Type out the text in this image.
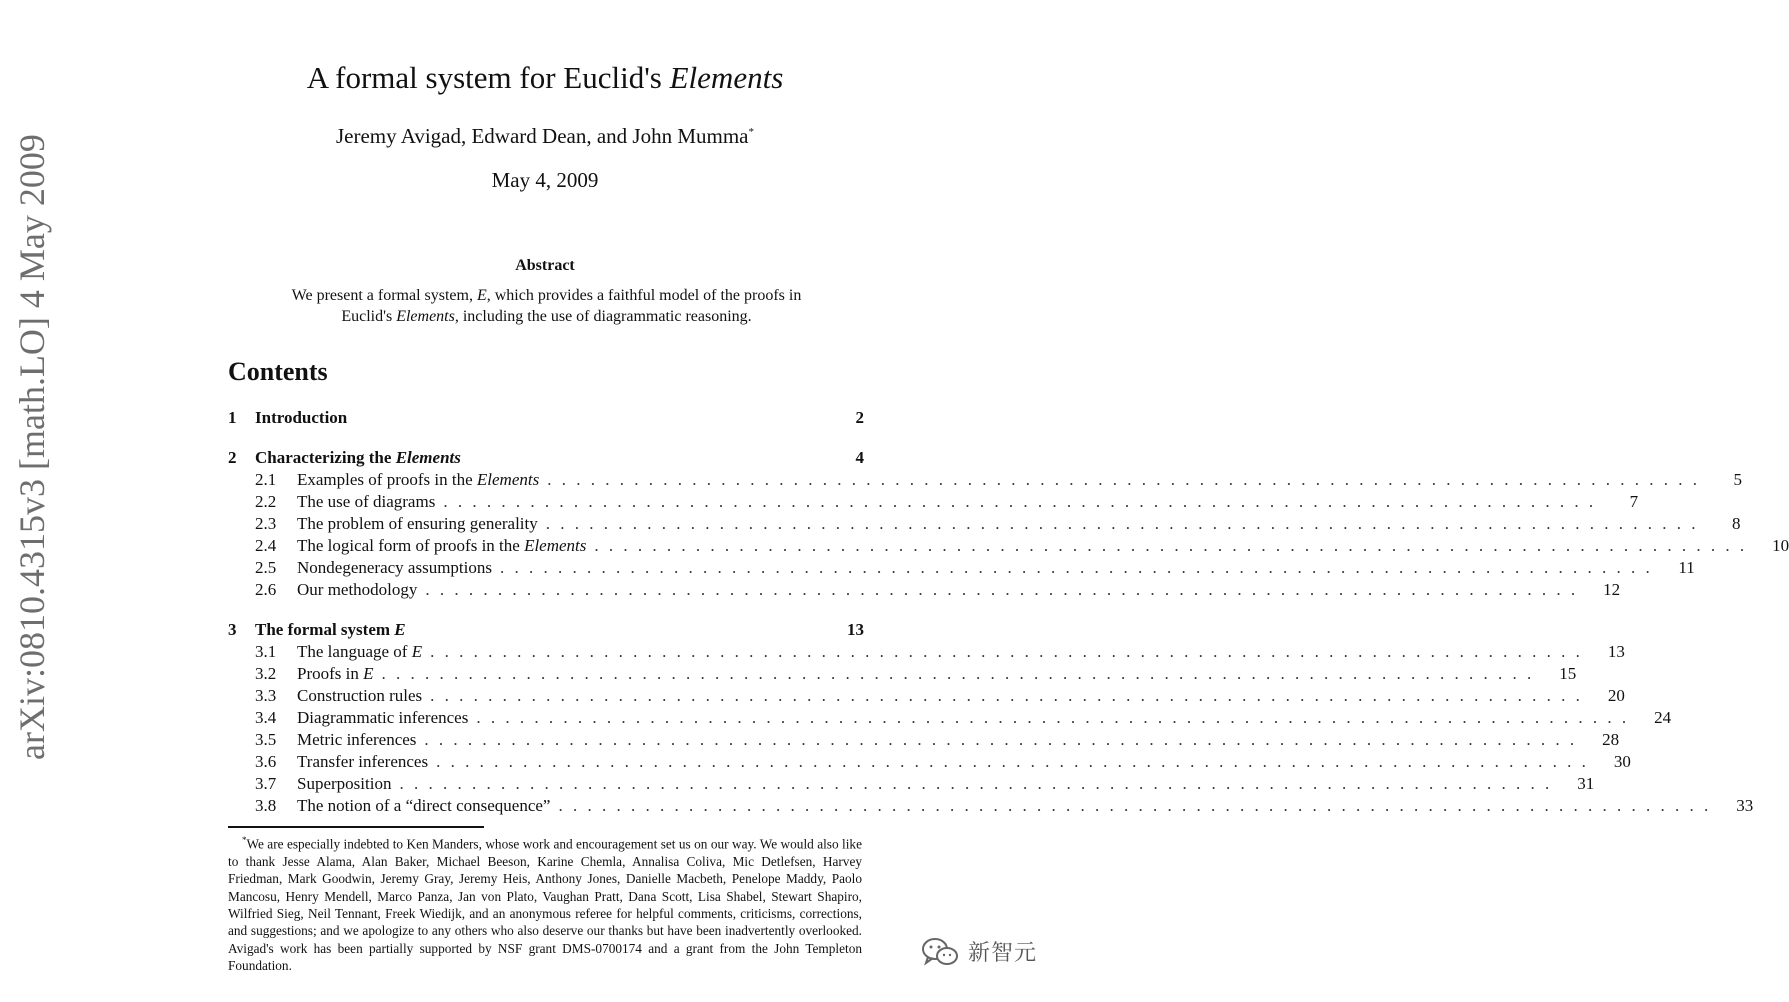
arXiv:0810.4315v3 [math.LO] 4 May 2009
A formal system for Euclid's Elements
Jeremy Avigad, Edward Dean, and John Mumma*
May 4, 2009
Abstract
We present a formal system, E, which provides a faithful model of the proofs in Euclid's Elements, including the use of diagrammatic reasoning.
Contents
1	Introduction	2
2	Characterizing the Elements	4
2.1	Examples of proofs in the Elements . . . . . . . . . . . . . . . . . . . . . . . . . . . . . . . . . . . . . . . . . . . . . . . . . . . . . . . . . . . . . . . . . . . . . . . . . . . . . . . .	5
2.2	The use of diagrams . . . . . . . . . . . . . . . . . . . . . . . . . . . . . . . . . . . . . . . . . . . . . . . . . . . . . . . . . . . . . . . . . . . . . . . . . . . . . . . .	7
2.3	The problem of ensuring generality . . . . . . . . . . . . . . . . . . . . . . . . . . . . . . . . . . . . . . . . . . . . . . . . . . . . . . . . . . . . . . . . . . . . . . . . . . . . . . . .	8
2.4	The logical form of proofs in the Elements . . . . . . . . . . . . . . . . . . . . . . . . . . . . . . . . . . . . . . . . . . . . . . . . . . . . . . . . . . . . . . . . . . . . . . . . . . . . . . . .	10
2.5	Nondegeneracy assumptions . . . . . . . . . . . . . . . . . . . . . . . . . . . . . . . . . . . . . . . . . . . . . . . . . . . . . . . . . . . . . . . . . . . . . . . . . . . . . . . .	11
2.6	Our methodology . . . . . . . . . . . . . . . . . . . . . . . . . . . . . . . . . . . . . . . . . . . . . . . . . . . . . . . . . . . . . . . . . . . . . . . . . . . . . . . .	12
3	The formal system E	13
3.1	The language of E . . . . . . . . . . . . . . . . . . . . . . . . . . . . . . . . . . . . . . . . . . . . . . . . . . . . . . . . . . . . . . . . . . . . . . . . . . . . . . . .	13
3.2	Proofs in E . . . . . . . . . . . . . . . . . . . . . . . . . . . . . . . . . . . . . . . . . . . . . . . . . . . . . . . . . . . . . . . . . . . . . . . . . . . . . . . .	15
3.3	Construction rules . . . . . . . . . . . . . . . . . . . . . . . . . . . . . . . . . . . . . . . . . . . . . . . . . . . . . . . . . . . . . . . . . . . . . . . . . . . . . . . .	20
3.4	Diagrammatic inferences . . . . . . . . . . . . . . . . . . . . . . . . . . . . . . . . . . . . . . . . . . . . . . . . . . . . . . . . . . . . . . . . . . . . . . . . . . . . . . . .	24
3.5	Metric inferences . . . . . . . . . . . . . . . . . . . . . . . . . . . . . . . . . . . . . . . . . . . . . . . . . . . . . . . . . . . . . . . . . . . . . . . . . . . . . . . .	28
3.6	Transfer inferences . . . . . . . . . . . . . . . . . . . . . . . . . . . . . . . . . . . . . . . . . . . . . . . . . . . . . . . . . . . . . . . . . . . . . . . . . . . . . . . .	30
3.7	Superposition . . . . . . . . . . . . . . . . . . . . . . . . . . . . . . . . . . . . . . . . . . . . . . . . . . . . . . . . . . . . . . . . . . . . . . . . . . . . . . . .	31
3.8	The notion of a “direct consequence” . . . . . . . . . . . . . . . . . . . . . . . . . . . . . . . . . . . . . . . . . . . . . . . . . . . . . . . . . . . . . . . . . . . . . . . . . . . . . . . .	33
*We are especially indebted to Ken Manders, whose work and encouragement set us on our way. We would also like to thank Jesse Alama, Alan Baker, Michael Beeson, Karine Chemla, Annalisa Coliva, Mic Detlefsen, Harvey Friedman, Mark Goodwin, Jeremy Gray, Jeremy Heis, Anthony Jones, Danielle Macbeth, Penelope Maddy, Paolo Mancosu, Henry Mendell, Marco Panza, Jan von Plato, Vaughan Pratt, Dana Scott, Lisa Shabel, Stewart Shapiro, Wilfried Sieg, Neil Tennant, Freek Wiedijk, and an anonymous referee for helpful comments, criticisms, corrections, and suggestions; and we apologize to any others who also deserve our thanks but have been inadvertently overlooked. Avigad's work has been partially supported by NSF grant DMS-0700174 and a grant from the John Templeton Foundation.	新智元
